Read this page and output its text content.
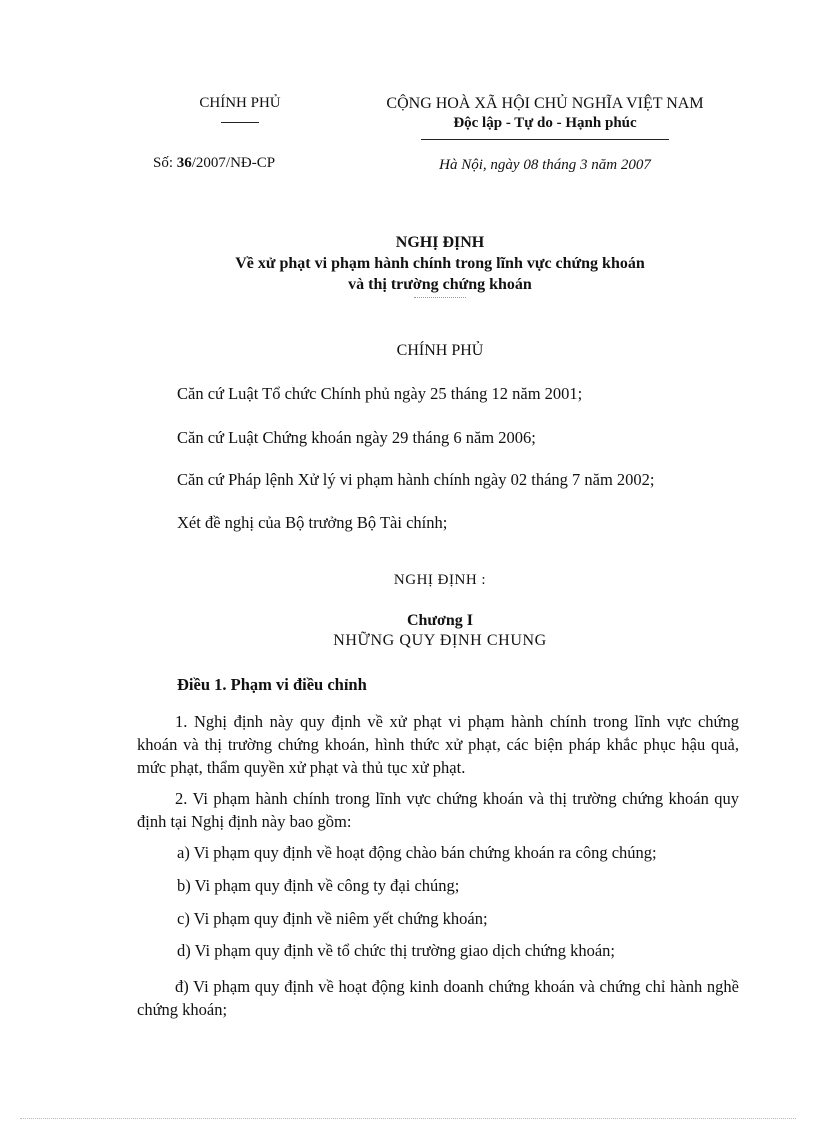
CHÍNH PHỦ	CỘNG HOÀ XÃ HỘI CHỦ NGHĨA VIỆT NAM
Độc lập - Tự do - Hạnh phúc
Số: 36/2007/NĐ-CP	Hà Nội, ngày 08 tháng 3 năm 2007
NGHỊ ĐỊNH
Về xử phạt vi phạm hành chính trong lĩnh vực chứng khoán
và thị trường chứng khoán
CHÍNH PHỦ
Căn cứ Luật Tổ chức Chính phủ ngày 25 tháng 12 năm 2001;
Căn cứ Luật Chứng khoán ngày 29 tháng 6 năm 2006;
Căn cứ Pháp lệnh Xử lý vi phạm hành chính ngày 02 tháng 7 năm 2002;
Xét đề nghị của Bộ trưởng Bộ Tài chính;
NGHỊ ĐỊNH :
Chương I
NHỮNG QUY ĐỊNH CHUNG
Điều 1. Phạm vi điều chỉnh

1. Nghị định này quy định về xử phạt vi phạm hành chính trong lĩnh vực chứng khoán và thị trường chứng khoán, hình thức xử phạt, các biện pháp khắc phục hậu quả, mức phạt, thẩm quyền xử phạt và thủ tục xử phạt.

2. Vi phạm hành chính trong lĩnh vực chứng khoán và thị trường chứng khoán quy định tại Nghị định này bao gồm:

a) Vi phạm quy định về hoạt động chào bán chứng khoán ra công chúng;
b) Vi phạm quy định về công ty đại chúng;
c) Vi phạm quy định về niêm yết chứng khoán;
d) Vi phạm quy định về tổ chức thị trường giao dịch chứng khoán;

đ) Vi phạm quy định về hoạt động kinh doanh chứng khoán và chứng chỉ hành nghề chứng khoán;
